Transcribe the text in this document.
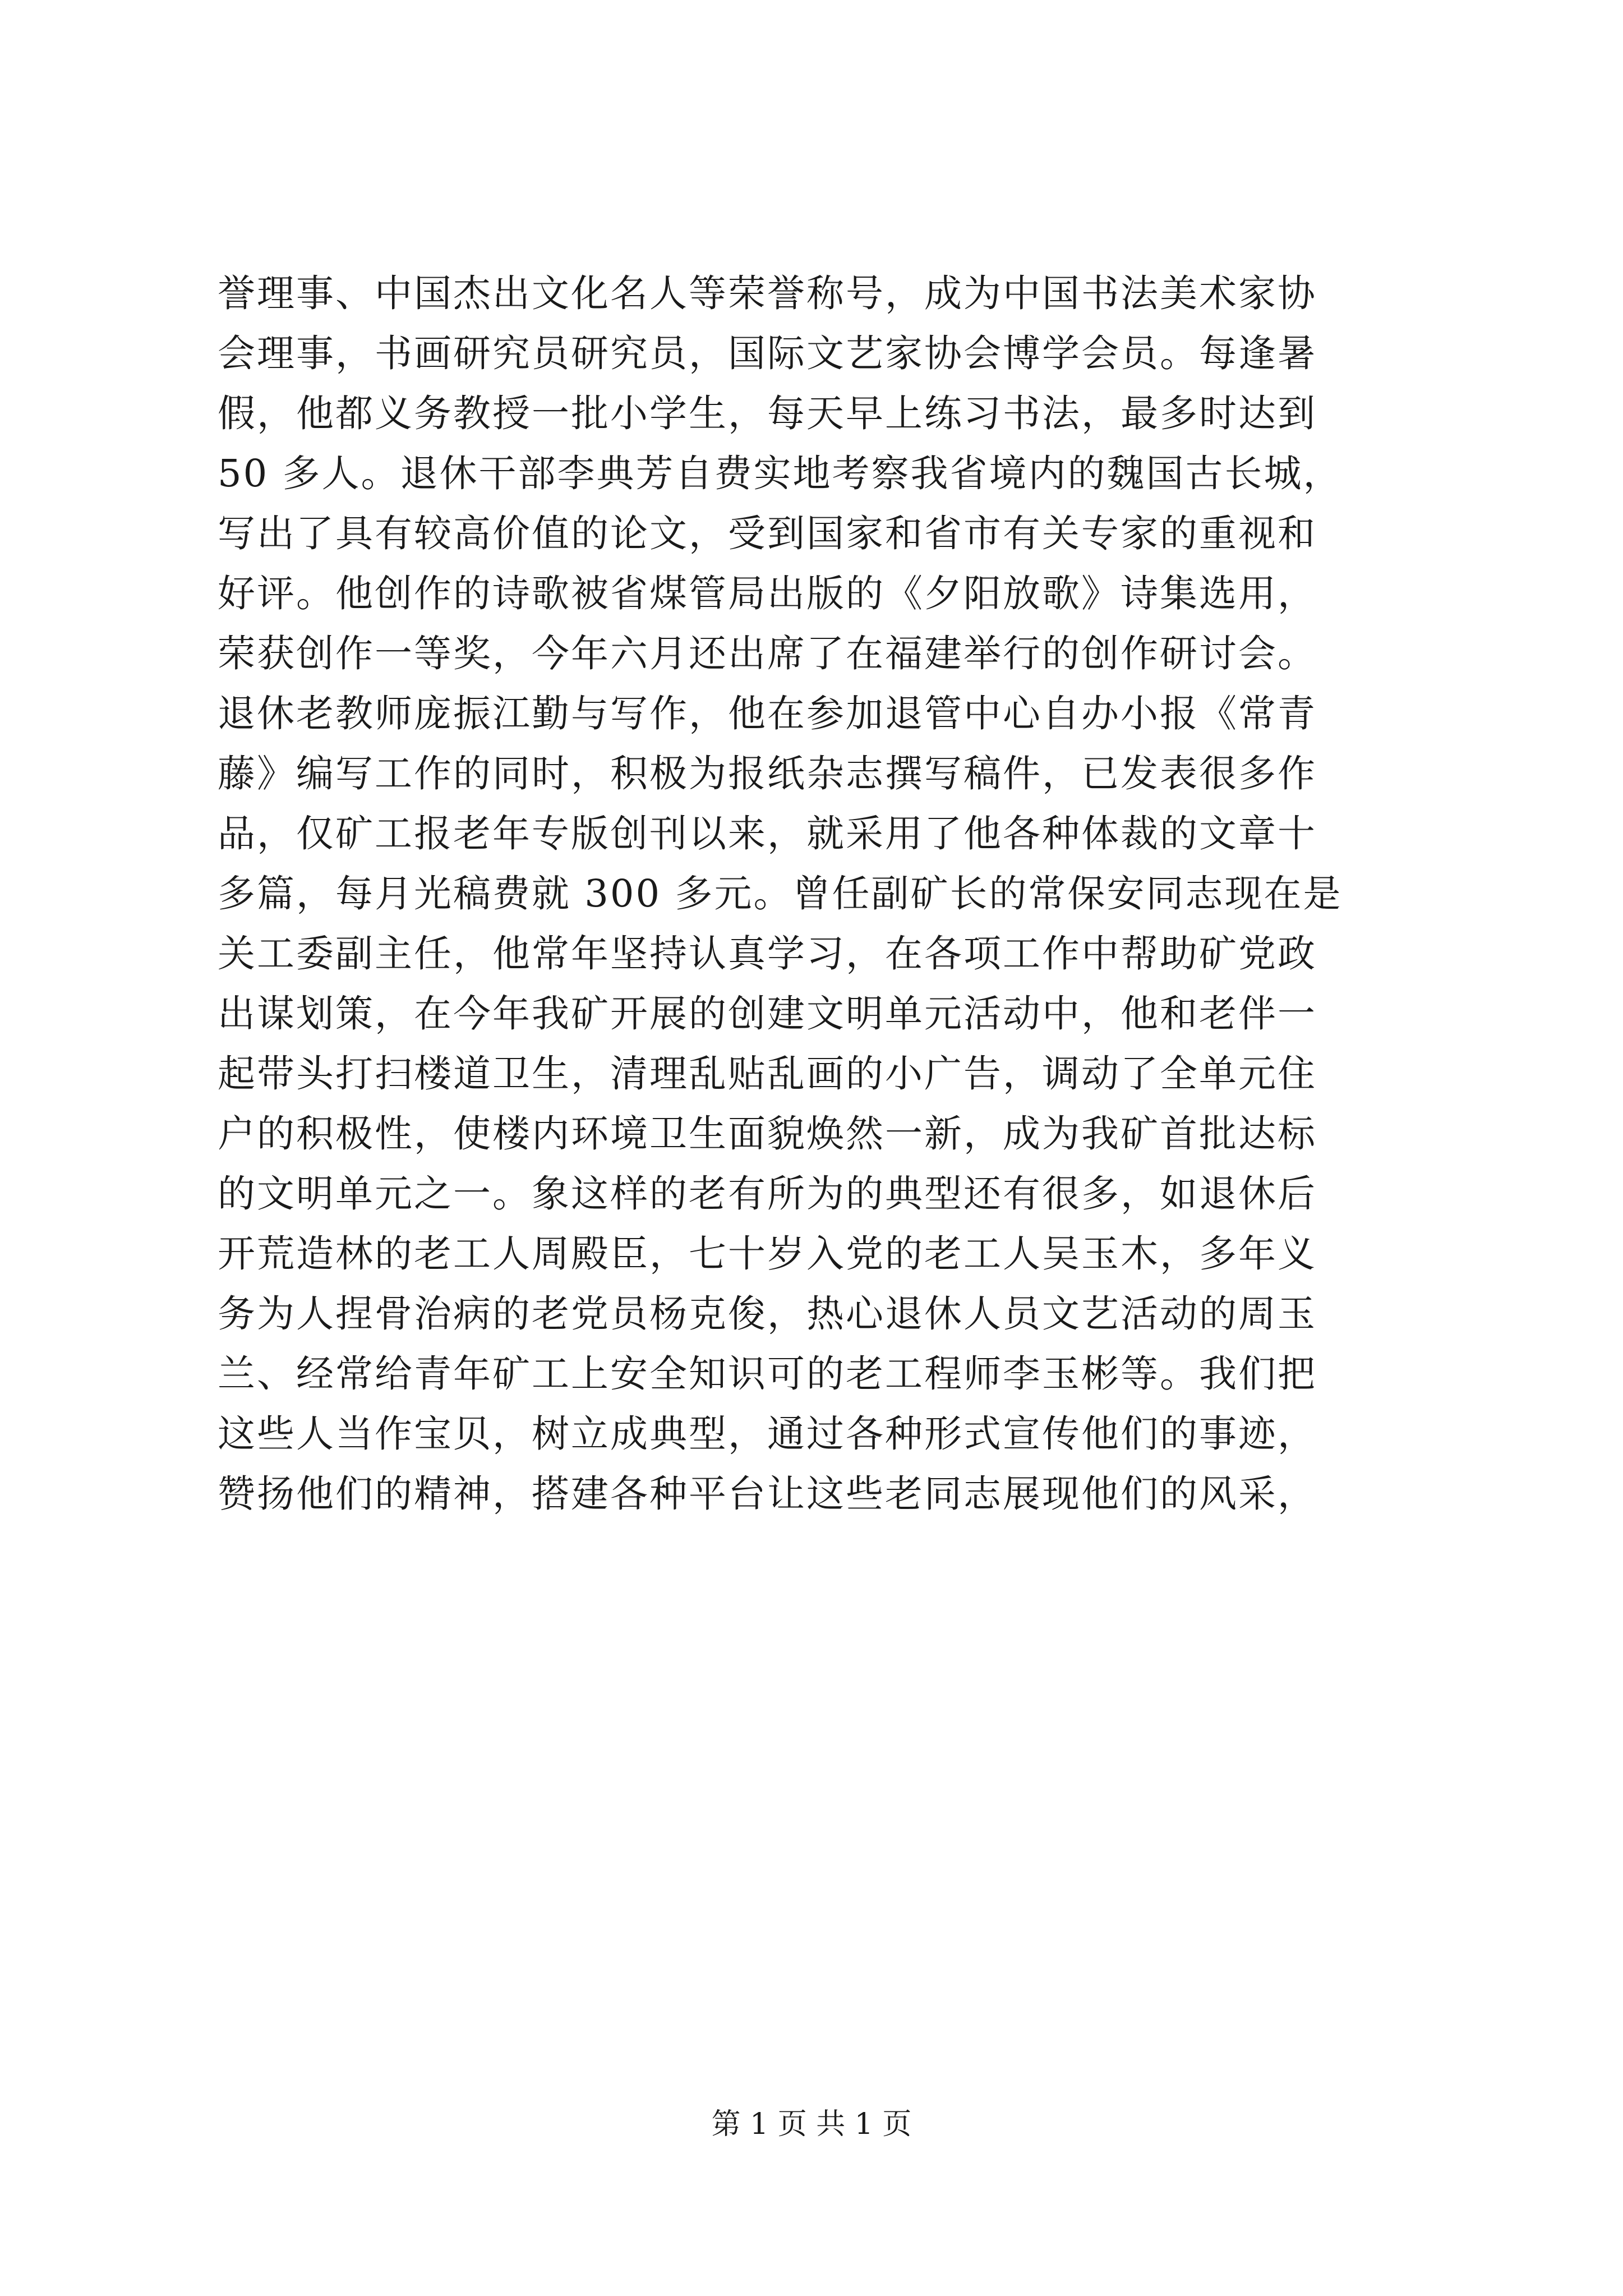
誉理事、中国杰出文化名人等荣誉称号，成为中国书法美术家协
会理事，书画研究员研究员，国际文艺家协会博学会员。每逢暑
假，他都义务教授一批小学生，每天早上练习书法，最多时达到
50 多人。退休干部李典芳自费实地考察我省境内的魏国古长城，
写出了具有较高价值的论文，受到国家和省市有关专家的重视和
好评。他创作的诗歌被省煤管局出版的《夕阳放歌》诗集选用，
荣获创作一等奖，今年六月还出席了在福建举行的创作研讨会。
退休老教师庞振江勤与写作，他在参加退管中心自办小报《常青
藤》编写工作的同时，积极为报纸杂志撰写稿件，已发表很多作
品，仅矿工报老年专版创刊以来，就采用了他各种体裁的文章十
多篇，每月光稿费就 300 多元。曾任副矿长的常保安同志现在是
关工委副主任，他常年坚持认真学习，在各项工作中帮助矿党政
出谋划策，在今年我矿开展的创建文明单元活动中，他和老伴一
起带头打扫楼道卫生，清理乱贴乱画的小广告，调动了全单元住
户的积极性，使楼内环境卫生面貌焕然一新，成为我矿首批达标
的文明单元之一。象这样的老有所为的典型还有很多，如退休后
开荒造林的老工人周殿臣，七十岁入党的老工人吴玉木，多年义
务为人捏骨治病的老党员杨克俊，热心退休人员文艺活动的周玉
兰、经常给青年矿工上安全知识可的老工程师李玉彬等。我们把
这些人当作宝贝，树立成典型，通过各种形式宣传他们的事迹，
赞扬他们的精神，搭建各种平台让这些老同志展现他们的风采，
第 1 页 共 1 页
